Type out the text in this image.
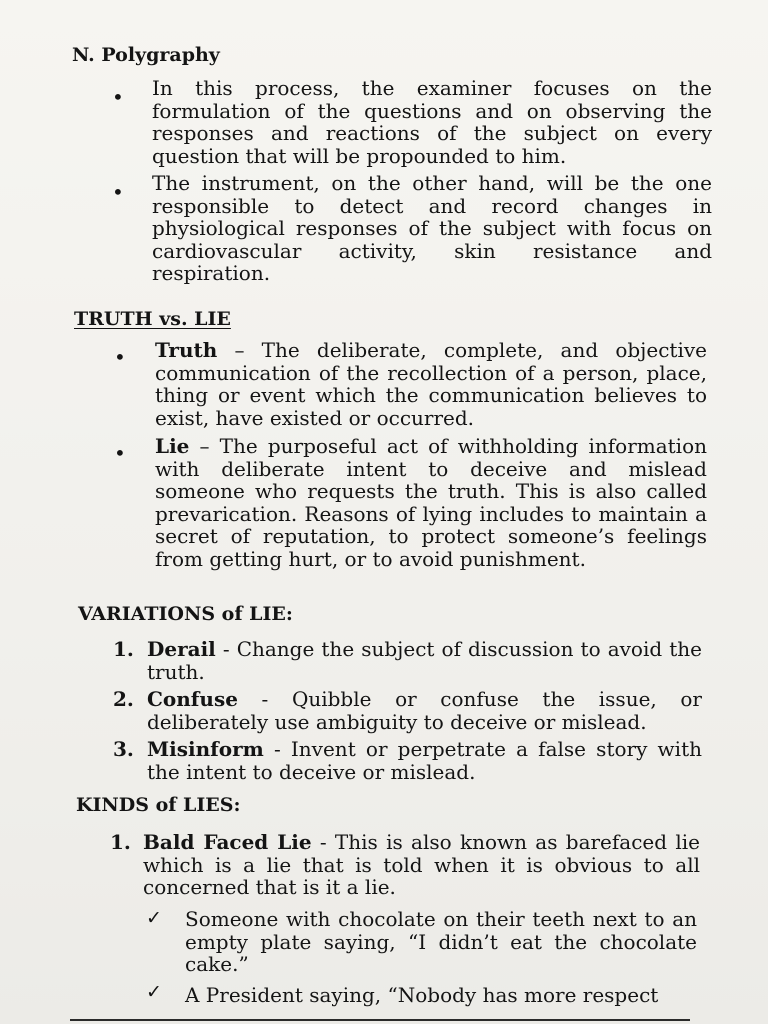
N. Polygraphy
• In this process, the examiner focuses on the formulation of the questions and on observing the responses and reactions of the subject on every question that will be propounded to him.
• The instrument, on the other hand, will be the one responsible to detect and record changes in physiological responses of the subject with focus on cardiovascular activity, skin resistance and respiration.
TRUTH vs. LIE
• Truth – The deliberate, complete, and objective communication of the recollection of a person, place, thing or event which the communication believes to exist, have existed or occurred.
• Lie – The purposeful act of withholding information with deliberate intent to deceive and mislead someone who requests the truth. This is also called prevarication. Reasons of lying includes to maintain a secret of reputation, to protect someone’s feelings from getting hurt, or to avoid punishment.
VARIATIONS of LIE:
1. Derail - Change the subject of discussion to avoid the truth.
2. Confuse - Quibble or confuse the issue, or deliberately use ambiguity to deceive or mislead.
3. Misinform - Invent or perpetrate a false story with the intent to deceive or mislead.
KINDS of LIES:
1. Bald Faced Lie - This is also known as barefaced lie which is a lie that is told when it is obvious to all concerned that is it a lie.
✓ Someone with chocolate on their teeth next to an empty plate saying, “I didn’t eat the chocolate cake.”
✓ A President saying, “Nobody has more respect
